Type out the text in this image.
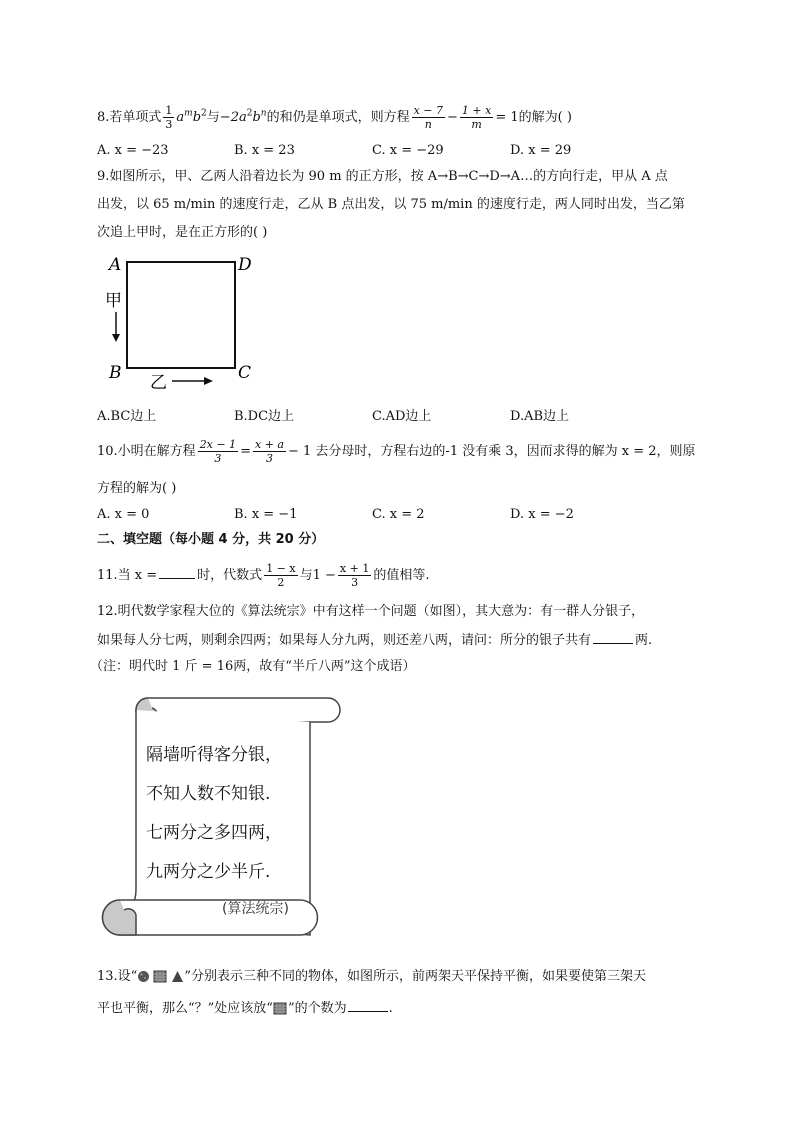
8.若单项式 $\frac{1}{3} a^mb^2$与$-2a^2b^n$的和仍是单项式，则方程 $\frac{x - 7}{n} - \frac{1 + x}{m} = 1$的解为( )
A. x = −23	B. x = 23	C. x = −29	D. x = 29
9.如图所示，甲、乙两人沿着边长为 90 m 的正方形，按 A→B→C→D→A…的方向行走，甲从 A 点
出发，以 65 m/min 的速度行走，乙从 B 点出发，以 75 m/min 的速度行走，两人同时出发，当乙第
次追上甲时，是在正方形的( )
A	D
B	C
甲
乙
A.BC边上	B.DC边上	C.AD边上	D.AB边上
10.小明在解方程 $\frac{2x - 1}{3} = \frac{x + a}{3} - 1$ 去分母时，方程右边的-1 没有乘 3，因而求得的解为 x = 2，则原
方程的解为( )
A. x = 0	B. x = −1	C. x = 2	D. x = −2
二、填空题（每小题 4 分，共 20 分）
11.当 x =	时，代数式 $\frac{1 - x}{2}$ 与$1 - \frac{x + 1}{3}$ 的值相等.
12.明代数学家程大位的《算法统宗》中有这样一个问题（如图），其大意为：有一群人分银子，
如果每人分七两，则剩余四两；如果每人分九两，则还差八两，请问：所分的银子共有	两.
（注：明代时 1 斤 = 16两，故有“半斤八两”这个成语）
隔墙听得客分银，
不知人数不知银.
七两分之多四两，
九两分之少半斤.
(算法统宗)
13.设“	”分别表示三种不同的物体，如图所示，前两架天平保持平衡，如果要使第三架天
平也平衡，那么“？”处应该放“ ”的个数为	.
